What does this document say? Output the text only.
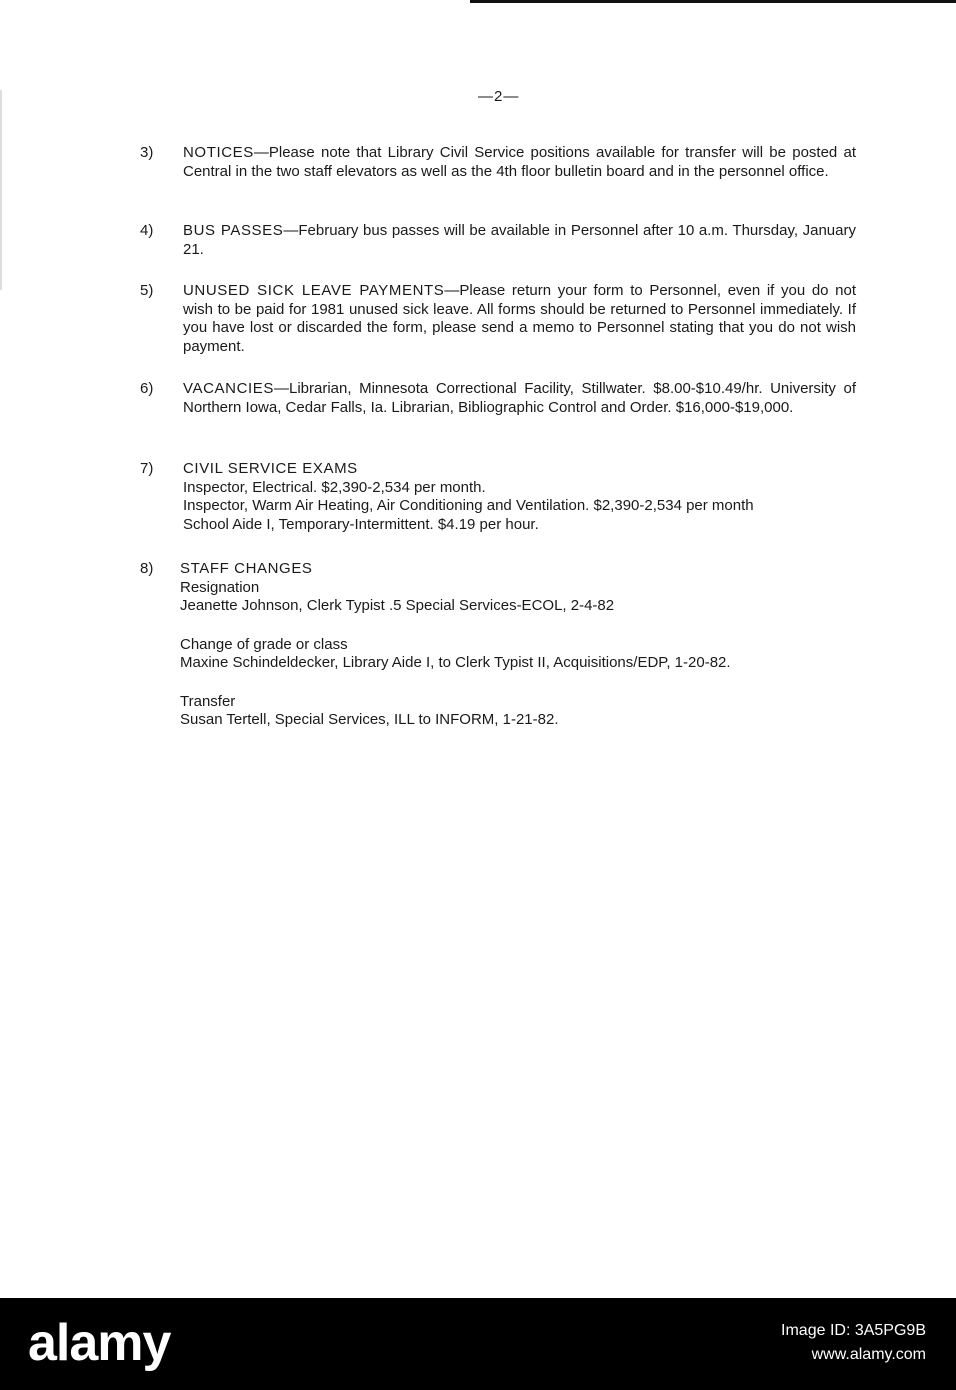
—2—
3)	NOTICES—Please note that Library Civil Service positions available for transfer will be posted at Central in the two staff elevators as well as the 4th floor bulletin board and in the personnel office.
4)	BUS PASSES—February bus passes will be available in Personnel after 10 a.m. Thursday, January 21.
5)	UNUSED SICK LEAVE PAYMENTS—Please return your form to Personnel, even if you do not wish to be paid for 1981 unused sick leave. All forms should be returned to Personnel immediately. If you have lost or discarded the form, please send a memo to Personnel stating that you do not wish payment.
6)	VACANCIES—Librarian, Minnesota Correctional Facility, Stillwater. $8.00-$10.49/hr. University of Northern Iowa, Cedar Falls, Ia. Librarian, Bibliographic Control and Order. $16,000-$19,000.
7)	CIVIL SERVICE EXAMS
Inspector, Electrical. $2,390-2,534 per month.
Inspector, Warm Air Heating, Air Conditioning and Ventilation. $2,390-2,534 per month
School Aide I, Temporary-Intermittent. $4.19 per hour.
8)	STAFF CHANGES
Resignation
Jeanette Johnson, Clerk Typist .5 Special Services-ECOL, 2-4-82
Change of grade or class
Maxine Schindeldecker, Library Aide I, to Clerk Typist II, Acquisitions/EDP, 1-20-82.
Transfer
Susan Tertell, Special Services, ILL to INFORM, 1-21-82.
alamy	Image ID: 3A5PG9B
www.alamy.com
